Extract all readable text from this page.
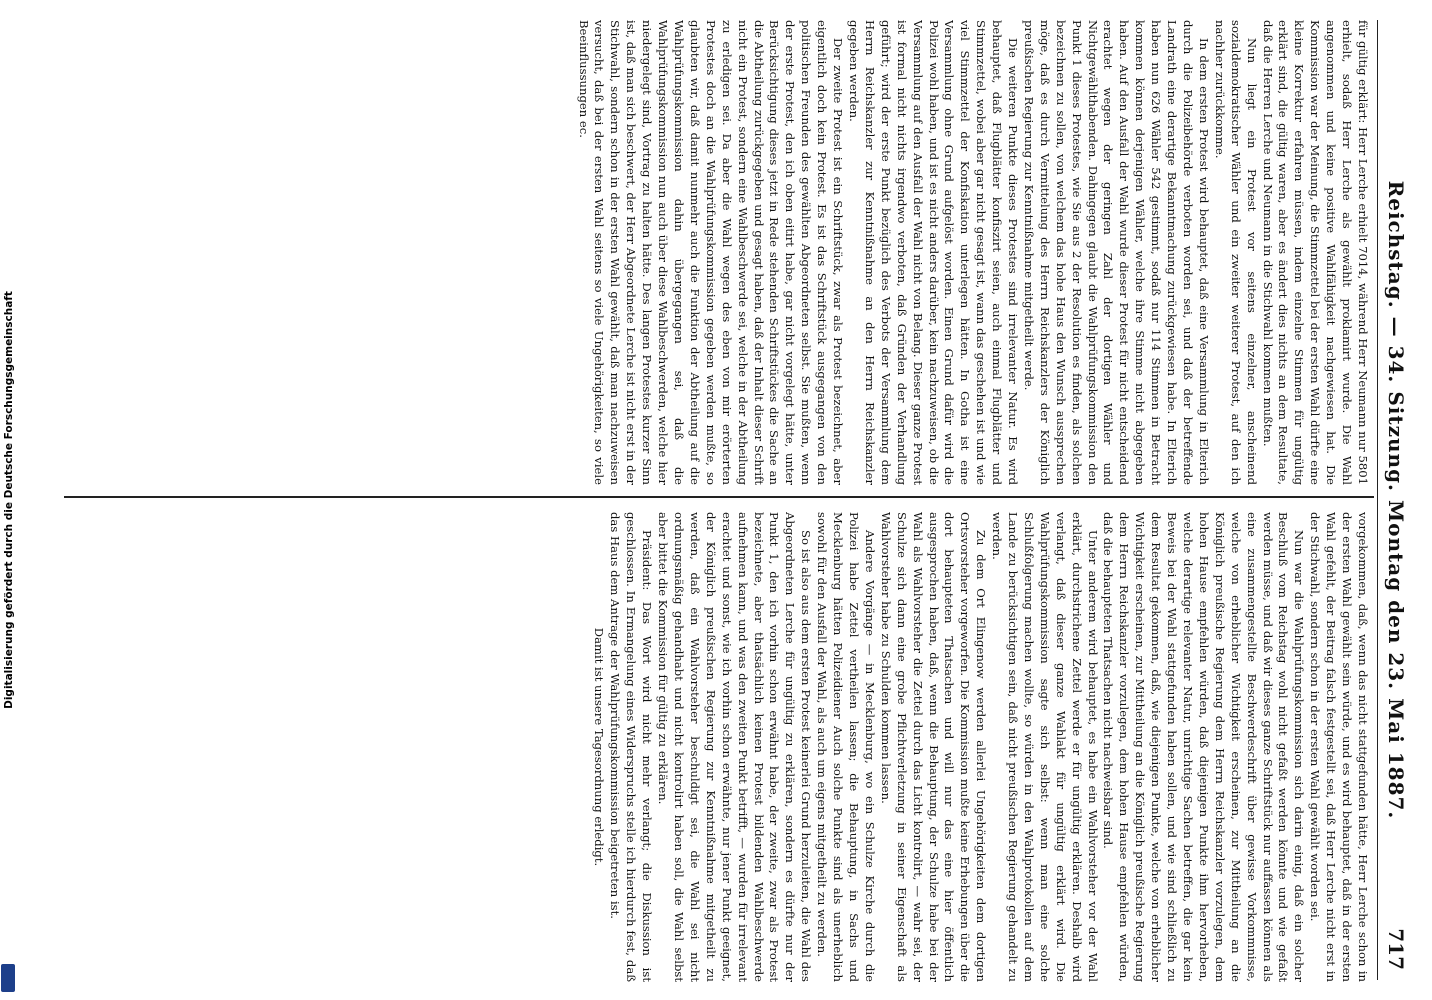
Digitalisierung gefördert durch die Deutsche Forschungsgemeinschaft	Reichstag. — 34. Sitzung. Montag den 23. Mai 1887.
717

für gültig erklärt: Herr Lerche erhielt 7014, während Herr Neumann nur 5801 erhielt, sodaß Herr Lerche als gewählt proklamirt wurde. Die Wahl angenommen und keine positive Wahlfähigkeit nachgewiesen hat. Die Kommission war der Meinung, die Stimmzettel bei der ersten Wahl dürfte eine kleine Korrektur erfahren müssen, indem einzelne Stimmen für ungültig erklärt sind, die gültig waren, aber es ändert dies nichts an dem Resultate, daß die Herren Lerche und Neumann in die Stichwahl kommen mußten.

Nun liegt ein Protest vor seitens einzelner, anscheinend sozialdemokratischer Wähler und ein zweiter weiterer Protest, auf den ich nachher zurückkomme.

In dem ersten Protest wird behauptet, daß eine Versammlung in Elterich durch die Polizeibehörde verboten worden sei, und daß der betreffende Landrath eine derartige Bekanntmachung zurückgewiesen habe. In Elterich haben nun 626 Wähler 542 gestimmt, sodaß nur 114 Stimmen in Betracht kommen können derjenigen Wähler, welche ihre Stimme nicht abgegeben haben. Auf den Ausfall der Wahl wurde dieser Protest für nicht entscheidend erachtet wegen der geringen Zahl der dortigen Wähler und Nichtgewählthabenden. Dahingegen glaubt die Wahlprüfungskommission den Punkt 1 dieses Protestes, wie Sie aus 2 der Resolution es finden, als solchen bezeichnen zu sollen, von welchem das hohe Haus den Wunsch aussprechen möge, daß es durch Vermittelung des Herrn Reichskanzlers der Königlich preußischen Regierung zur Kenntnißnahme mitgetheilt werde.

Die weiteren Punkte dieses Protestes sind irrelevanter Natur. Es wird behauptet, daß Flugblätter konfiszirt seien, auch einmal Flugblätter und Stimmzettel, wobei aber gar nicht gesagt ist, wann das geschehen ist und wie viel Stimmzettel der Konfiskation unterlegen hätten. In Gotha ist eine Versammlung ohne Grund aufgelöst worden. Einen Grund dafür wird die Polizei wohl haben, und ist es nicht anders darüber, kein nachzuweisen, ob die Versammlung auf den Ausfall der Wahl nicht von Belang. Dieser ganze Protest ist formal nicht nichts irgendwo verboten, daß Gründen der Verhandlung geführt; wird der erste Punkt bezüglich des Verbots der Versammlung dem Herrn Reichskanzler zur Kenntnißnahme an den Herrn Reichskanzler gegeben werden.

Der zweite Protest ist ein Schriftstück, zwar als Protest bezeichnet, aber eigentlich doch kein Protest. Es ist das Schriftstück ausgegangen von den politischen Freunden des gewählten Abgeordneten selbst. Sie mußten, wenn der erste Protest, den ich oben eitirt habe, gar nicht vorgelegt hätte, unter Berücksichtigung dieses jetzt in Rede stehenden Schriftstückes die Sache an die Abtheilung zurückgegeben und gesagt haben, daß der Inhalt dieser Schrift nicht ein Protest, sondern eine Wahlbeschwerde sei, welche in der Abtheilung zu erledigen sei. Da aber die Wahl wegen des eben von mir erörterten Protestes doch an die Wahlprüfungskommission gegeben werden mußte, so glaubten wir, daß damit nunmehr auch die Funktion der Abtheilung auf die Wahlprüfungskommission dahin übergegangen sei, daß die Wahlprüfungskommission nun auch über diese Wahlbeschwerden, welche hier niedergelegt sind, Vortrag zu halten hätte. Des langen Protestes kurzer Sinn ist, daß man sich beschwert, der Herr Abgeordnete Lerche ist nicht erst in der Stichwahl, sondern schon in der ersten Wahl gewählt, daß man nachzuweisen versucht, daß bei der ersten Wahl seitens so viele Ungehörigkeiten, so viele Beeinflussungen ec.

vorgekommen, daß, wenn das nicht stattgefunden hätte, Herr Lerche schon in der ersten Wahl gewählt sein würde, und es wird behauptet, daß in der ersten Wahl gefehlt, der Beitrag falsch festgestellt sei, daß Herr Lerche nicht erst in der Stichwahl, sondern schon in der ersten Wahl gewählt worden sei.

Nun war die Wahlprüfungskommission sich darin einig, daß ein solcher Beschluß vom Reichstag wohl nicht gefaßt werden könnte und wie gefaßt werden müsse, und daß wir dieses ganze Schriftstück nur auffassen können als eine zusammengestellte Beschwerdeschrift über gewisse Vorkommnisse, welche von erheblicher Wichtigkeit erscheinen, zur Mittheilung an die Königlich preußische Regierung dem Herrn Reichskanzler vorzulegen, dem hohen Hause empfehlen würden, daß diejenigen Punkte ihm hervorheben, welche derartige relevanter Natur, unrichtige Sachen betreffen, die gar kein Beweis bei der Wahl stattgefunden haben sollen, und wie sind schließlich zu dem Resultat gekommen, daß, wie diejenigen Punkte, welche von erheblicher Wichtigkeit erscheinen, zur Mittheilung an die Königlich preußische Regierung dem Herrn Reichskanzler vorzulegen, dem hohen Hause empfehlen würden, daß die behaupteten Thatsachen nicht nachweisbar sind.

Unter anderem wird behauptet, es habe ein Wahlvorsteher vor der Wahl erklärt, durchstrichene Zettel werde er für ungültig erklären. Deshalb wird verlangt, daß dieser ganze Wahlakt für ungültig erklärt wird. Die Wahlprüfungskommission sagte sich selbst: wenn man eine solche Schlußfolgerung machen wollte, so würden in den Wahlprotokollen auf dem Lande zu berücksichtigen sein, daß nicht preußischen Regierung gehandelt zu werden.

Zu dem Ort Elingenow werden allerlei Ungehörigkeiten dem dortigen Ortsvorsteher vorgeworfen. Die Kommission mußte keine Erhebungen über die dort behaupteten Thatsachen und will nur das eine hier öffentlich ausgesprochen haben, daß, wenn die Behauptung, der Schulze habe bei der Wahl als Wahlvorsteher die Zettel durch das Licht kontrolirt, — wahr sei, der Schulze sich dann eine grobe Pflichtverletzung in seiner Eigenschaft als Wahlvorsteher habe zu Schulden kommen lassen.

Andere Vorgänge — in Mecklenburg, wo ein Schulze Kirche durch die Polizei habe Zettel vertheilen lassen; die Behauptung, in Sachs und Mecklenburg hätten Polizeidiener Auch solche Punkte sind als unerheblich sowohl für den Ausfall der Wahl, als auch um eigens mitgetheilt zu werden.

So ist also aus dem ersten Protest keinerlei Grund herzuleiten, die Wahl des Abgeordneten Lerche für ungültig zu erklären, sondern es dürfte nur der Punkt 1, den ich vorhin schon erwähnt habe, der zweite, zwar als Protest bezeichnete, aber thatsächlich keinen Protest bildenden Wahlbeschwerde aufnehmen kann, und was den zweiten Punkt betrifft, — wurden für irrelevant erachtet und sonst, wie ich vorhin schon erwähnte, nur jener Punkt geeignet, der Königlich preußischen Regierung zur Kenntnißnahme mitgetheilt zu werden, daß ein Wahlvorsteher beschuldigt sei, die Wahl sei nicht ordnungsmäßig gehandhabt und nicht kontrolirt haben soll, die Wahl selbst aber bittet die Kommission für gültig zu erklären.

Präsident: Das Wort wird nicht mehr verlangt; die Diskussion ist geschlossen. In Ermangelung eines Widerspruchs stelle ich hierdurch fest, daß das Haus dem Antrage der Wahlprüfungskommission beigetreten ist.

Damit ist unsere Tagesordnung erledigt.
